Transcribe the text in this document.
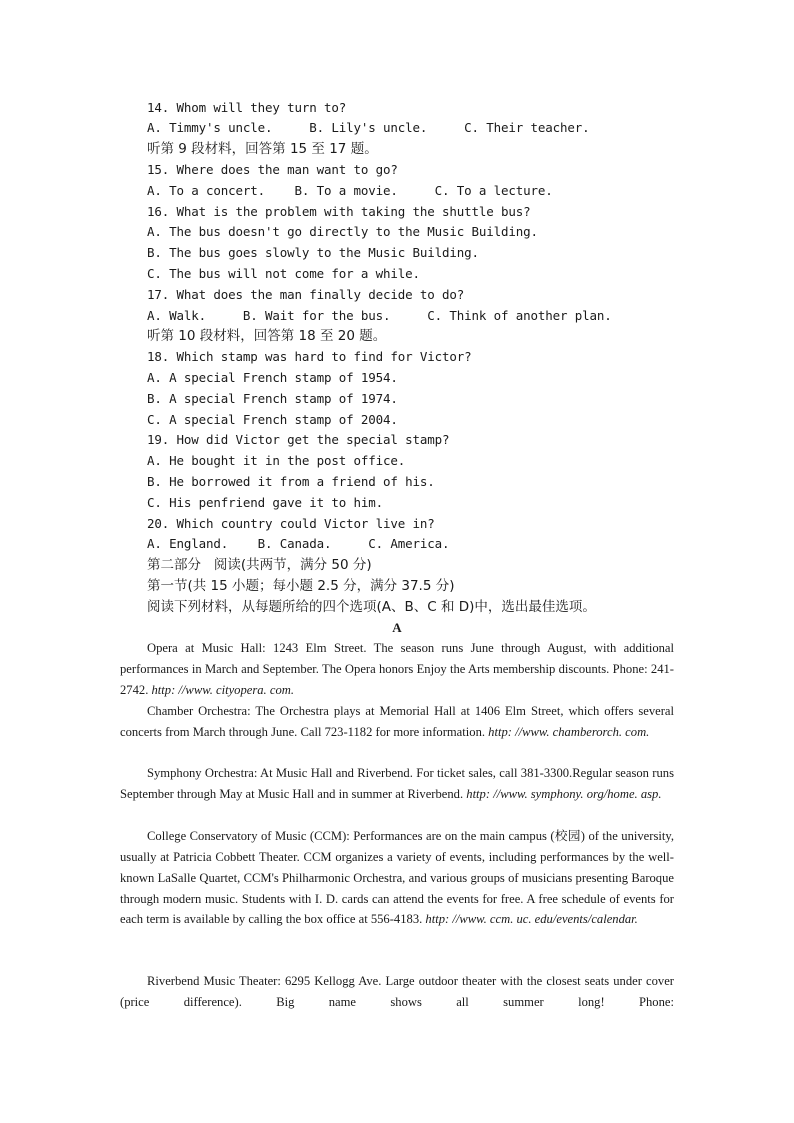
14. Whom will they turn to?
A. Timmy's uncle.     B. Lily's uncle.     C. Their teacher.
听第 9 段材料，回答第 15 至 17 题。
15. Where does the man want to go?
A. To a concert.    B. To a movie.     C. To a lecture.
16. What is the problem with taking the shuttle bus?
A. The bus doesn't go directly to the Music Building.
B. The bus goes slowly to the Music Building.
C. The bus will not come for a while.
17. What does the man finally decide to do?
A. Walk.     B. Wait for the bus.     C. Think of another plan.
听第 10 段材料，回答第 18 至 20 题。
18. Which stamp was hard to find for Victor?
A. A special French stamp of 1954.
B. A special French stamp of 1974.
C. A special French stamp of 2004.
19. How did Victor get the special stamp?
A. He bought it in the post office.
B. He borrowed it from a friend of his.
C. His penfriend gave it to him.
20. Which country could Victor live in?
A. England.    B. Canada.     C. America.
第二部分   阅读(共两节，满分 50 分)
第一节(共 15 小题；每小题 2.5 分，满分 37.5 分)
阅读下列材料，从每题所给的四个选项(A、B、C 和 D)中，选出最佳选项。
A
Opera at Music Hall: 1243 Elm Street. The season runs June through August, with additional performances in March and September. The Opera honors Enjoy the Arts membership discounts. Phone: 241-2742. http: //www. cityopera. com.
Chamber Orchestra: The Orchestra plays at Memorial Hall at 1406 Elm Street, which offers several concerts from March through June. Call 723-1182 for more information. http: //www. chamberorch. com.
Symphony Orchestra: At Music Hall and Riverbend. For ticket sales, call 381-3300.Regular season runs September through May at Music Hall and in summer at Riverbend. http: //www. symphony. org/home. asp.
College Conservatory of Music (CCM): Performances are on the main campus (校园) of the university, usually at Patricia Cobbett Theater. CCM organizes a variety of events, including performances by the well-known LaSalle Quartet, CCM's Philharmonic Orchestra, and various groups of musicians presenting Baroque through modern music. Students with I. D. cards can attend the events for free. A free schedule of events for each term is available by calling the box office at 556-4183. http: //www. ccm. uc. edu/events/calendar.
Riverbend Music Theater: 6295 Kellogg Ave. Large outdoor theater with the closest seats under cover (price difference). Big name shows all summer long! Phone:
